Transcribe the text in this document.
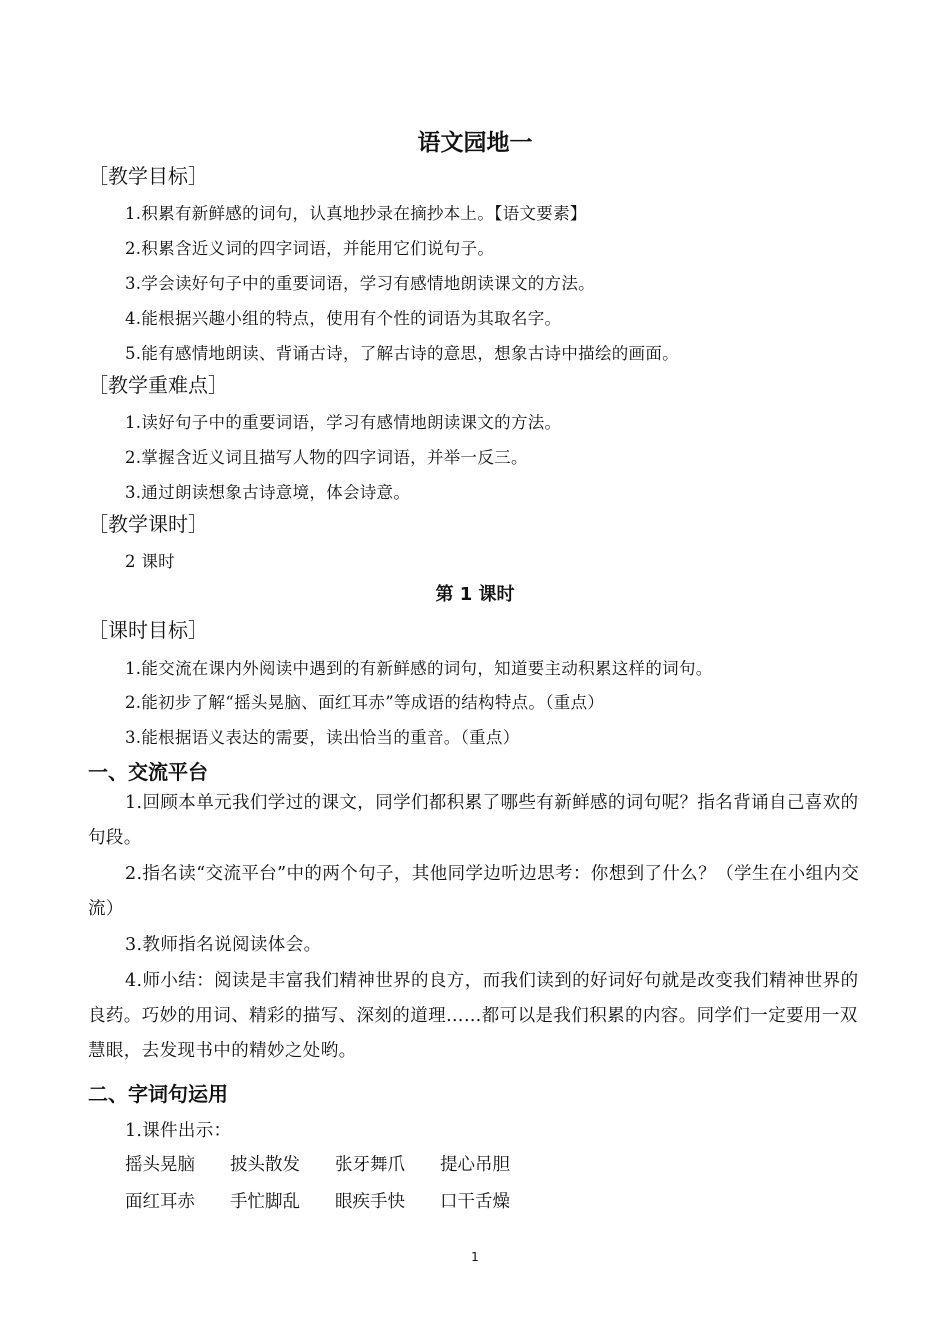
语文园地一
［教学目标］
1.积累有新鲜感的词句，认真地抄录在摘抄本上。【语文要素】
2.积累含近义词的四字词语，并能用它们说句子。
3.学会读好句子中的重要词语，学习有感情地朗读课文的方法。
4.能根据兴趣小组的特点，使用有个性的词语为其取名字。
5.能有感情地朗读、背诵古诗，了解古诗的意思，想象古诗中描绘的画面。
［教学重难点］
1.读好句子中的重要词语，学习有感情地朗读课文的方法。
2.掌握含近义词且描写人物的四字词语，并举一反三。
3.通过朗读想象古诗意境，体会诗意。
［教学课时］
2 课时
第 1 课时
［课时目标］
1.能交流在课内外阅读中遇到的有新鲜感的词句，知道要主动积累这样的词句。
2.能初步了解“摇头晃脑、面红耳赤”等成语的结构特点。（重点）
3.能根据语义表达的需要，读出恰当的重音。（重点）
一、交流平台
1.回顾本单元我们学过的课文，同学们都积累了哪些有新鲜感的词句呢？指名背诵自己喜欢的句段。
2.指名读“交流平台”中的两个句子，其他同学边听边思考：你想到了什么？（学生在小组内交流）
3.教师指名说阅读体会。
4.师小结：阅读是丰富我们精神世界的良方，而我们读到的好词好句就是改变我们精神世界的良药。巧妙的用词、精彩的描写、深刻的道理……都可以是我们积累的内容。同学们一定要用一双慧眼，去发现书中的精妙之处哟。
二、字词句运用
1.课件出示：
摇头晃脑	披头散发	张牙舞爪	提心吊胆
面红耳赤	手忙脚乱	眼疾手快	口干舌燥
1
